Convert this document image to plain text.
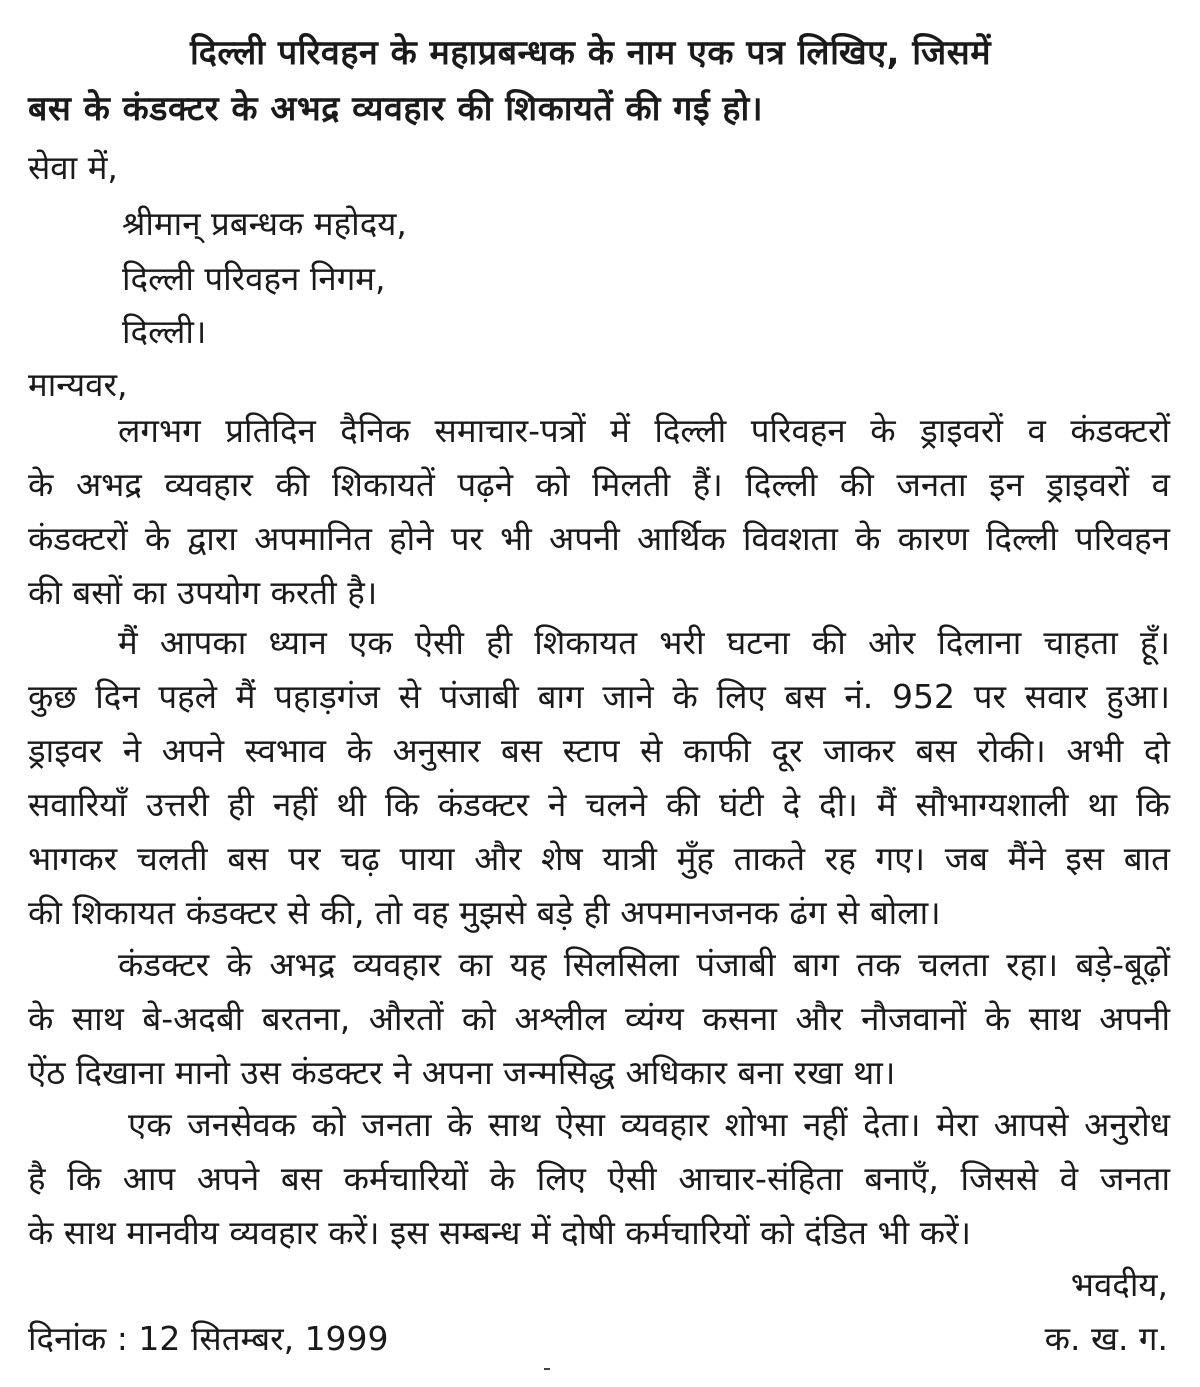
दिल्ली परिवहन के महाप्रबन्धक के नाम एक पत्र लिखिए, जिसमें
बस के कंडक्टर के अभद्र व्यवहार की शिकायतें की गई हो।
सेवा में,
श्रीमान् प्रबन्धक महोदय,
दिल्ली परिवहन निगम,
दिल्ली।
मान्यवर,
लगभग प्रतिदिन दैनिक समाचार-पत्रों में दिल्ली परिवहन के ड्राइवरों व कंडक्टरों
के अभद्र व्यवहार की शिकायतें पढ़ने को मिलती हैं। दिल्ली की जनता इन ड्राइवरों व
कंडक्टरों के द्वारा अपमानित होने पर भी अपनी आर्थिक विवशता के कारण दिल्ली परिवहन
की बसों का उपयोग करती है।
मैं आपका ध्यान एक ऐसी ही शिकायत भरी घटना की ओर दिलाना चाहता हूँ।
कुछ दिन पहले मैं पहाड़गंज से पंजाबी बाग जाने के लिए बस नं. 952 पर सवार हुआ।
ड्राइवर ने अपने स्वभाव के अनुसार बस स्टाप से काफी दूर जाकर बस रोकी। अभी दो
सवारियाँ उत्तरी ही नहीं थी कि कंडक्टर ने चलने की घंटी दे दी। मैं सौभाग्यशाली था कि
भागकर चलती बस पर चढ़ पाया और शेष यात्री मुँह ताकते रह गए। जब मैंने इस बात
की शिकायत कंडक्टर से की, तो वह मुझसे बड़े ही अपमानजनक ढंग से बोला।
कंडक्टर के अभद्र व्यवहार का यह सिलसिला पंजाबी बाग तक चलता रहा। बड़े-बूढ़ों
के साथ बे-अदबी बरतना, औरतों को अश्लील व्यंग्य कसना और नौजवानों के साथ अपनी
ऐंठ दिखाना मानो उस कंडक्टर ने अपना जन्मसिद्ध अधिकार बना रखा था।
एक जनसेवक को जनता के साथ ऐसा व्यवहार शोभा नहीं देता। मेरा आपसे अनुरोध
है कि आप अपने बस कर्मचारियों के लिए ऐसी आचार-संहिता बनाएँ, जिससे वे जनता
के साथ मानवीय व्यवहार करें। इस सम्बन्ध में दोषी कर्मचारियों को दंडित भी करें।
भवदीय,
दिनांक : 12 सितम्बर, 1999	क. ख. ग.
